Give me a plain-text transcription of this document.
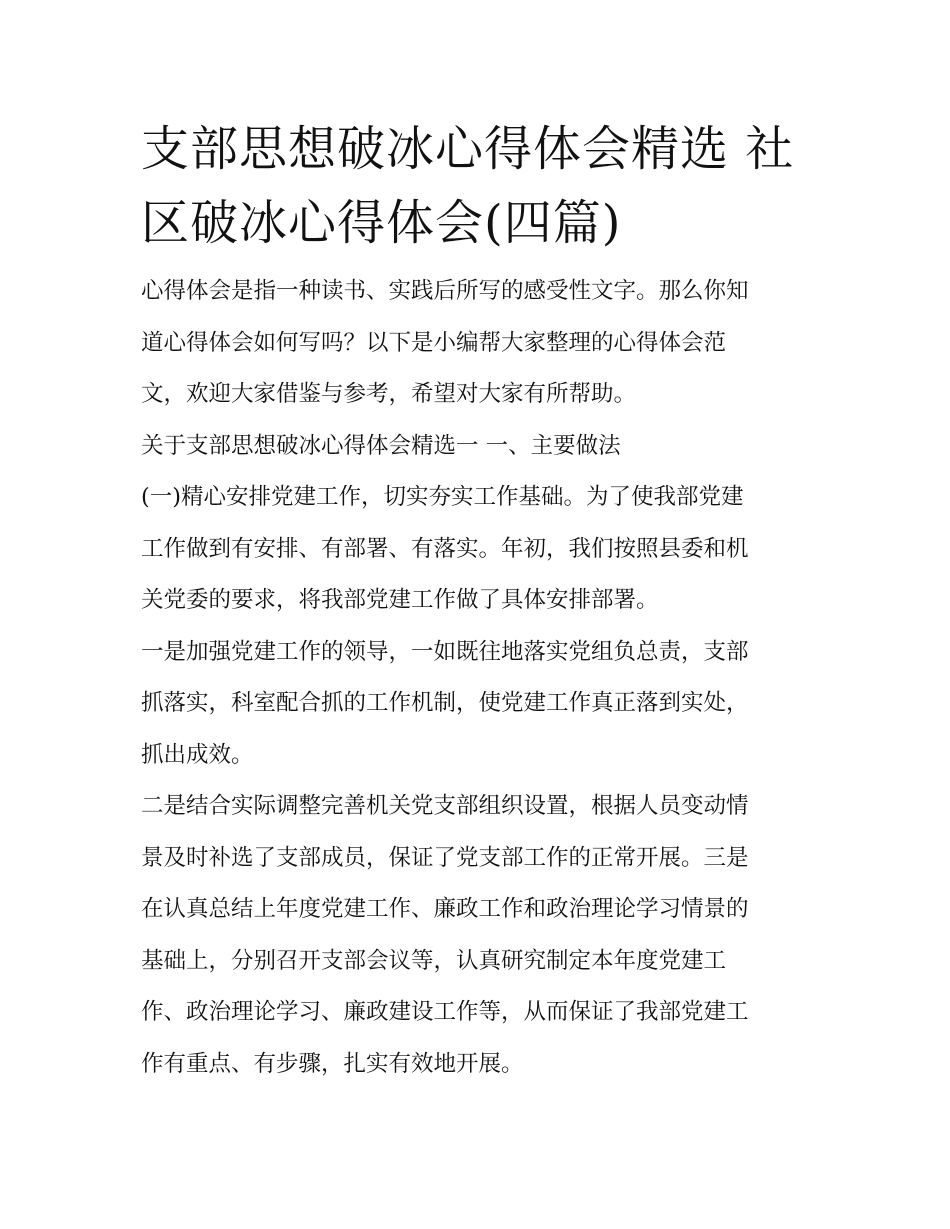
支部思想破冰心得体会精选 社
区破冰心得体会(四篇)

心得体会是指一种读书、实践后所写的感受性文字。那么你知
道心得体会如何写吗？以下是小编帮大家整理的心得体会范
文，欢迎大家借鉴与参考，希望对大家有所帮助。

关于支部思想破冰心得体会精选一 一、主要做法

(一)精心安排党建工作，切实夯实工作基础。为了使我部党建
工作做到有安排、有部署、有落实。年初，我们按照县委和机
关党委的要求，将我部党建工作做了具体安排部署。

一是加强党建工作的领导，一如既往地落实党组负总责，支部
抓落实，科室配合抓的工作机制，使党建工作真正落到实处，
抓出成效。

二是结合实际调整完善机关党支部组织设置，根据人员变动情
景及时补选了支部成员，保证了党支部工作的正常开展。三是
在认真总结上年度党建工作、廉政工作和政治理论学习情景的
基础上，分别召开支部会议等，认真研究制定本年度党建工
作、政治理论学习、廉政建设工作等，从而保证了我部党建工
作有重点、有步骤，扎实有效地开展。
